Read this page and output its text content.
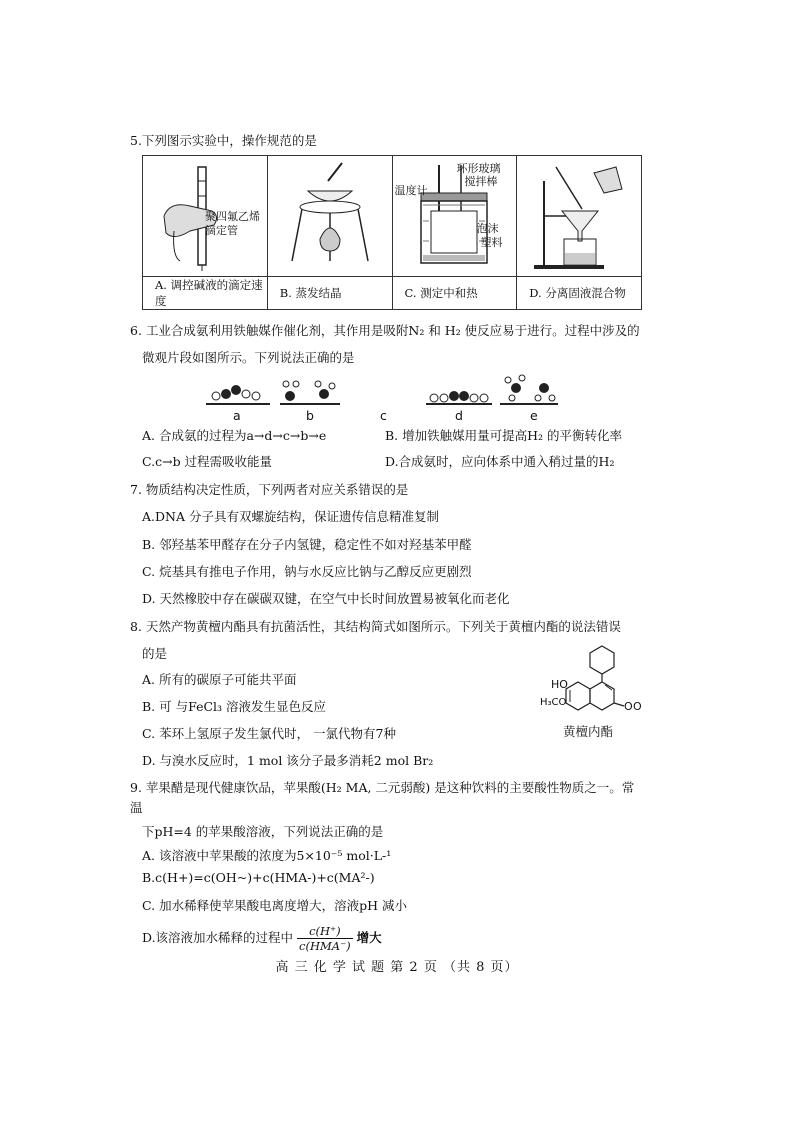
5.下列图示实验中，操作规范的是
聚四氟乙烯
滴定管		环形玻璃
搅拌棒
温度计
泡沫
塑料

A. 调控碱液的滴定速度	B. 蒸发结晶	C. 测定中和热	D. 分离固液混合物
6. 工业合成氨利用铁触媒作催化剂，其作用是吸附N₂ 和 H₂ 使反应易于进行。过程中涉及的
微观片段如图所示。下列说法正确的是
a	b	c	d	e
A. 合成氨的过程为a→d→c→b→e	B. 增加铁触媒用量可提高H₂ 的平衡转化率
C.c→b 过程需吸收能量	D.合成氨时，应向体系中通入稍过量的H₂
7. 物质结构决定性质，下列两者对应关系错误的是
A.DNA 分子具有双螺旋结构，保证遗传信息精准复制
B. 邻羟基苯甲醛存在分子内氢键，稳定性不如对羟基苯甲醛
C. 烷基具有推电子作用，钠与水反应比钠与乙醇反应更剧烈
D. 天然橡胶中存在碳碳双键，在空气中长时间放置易被氧化而老化
8. 天然产物黄檀内酯具有抗菌活性，其结构简式如图所示。下列关于黄檀内酯的说法错误
的是
A. 所有的碳原子可能共平面
B. 可 与FeCl₃ 溶液发生显色反应
C. 苯环上氢原子发生氯代时， 一氯代物有7种
D. 与溴水反应时，1 mol 该分子最多消耗2 mol Br₂
HO
H₃CO	O O
黄檀内酯
9. 苹果醋是现代健康饮品，苹果酸(H₂ MA, 二元弱酸) 是这种饮料的主要酸性物质之一。常
温
下pH=4 的苹果酸溶液，下列说法正确的是
A. 该溶液中苹果酸的浓度为5×10⁻⁵ mol·L-¹
B.c(H+)=c(OH~)+c(HMA-)+c(MA²-)
C. 加水稀释使苹果酸电离度增大，溶液pH 减小
D.该溶液加水稀释的过程中 $\frac{c(H^+)}{\text{c(HMA⁻)}}$ 增大
高 三 化 学 试 题 第 2 页 （共 8 页）
